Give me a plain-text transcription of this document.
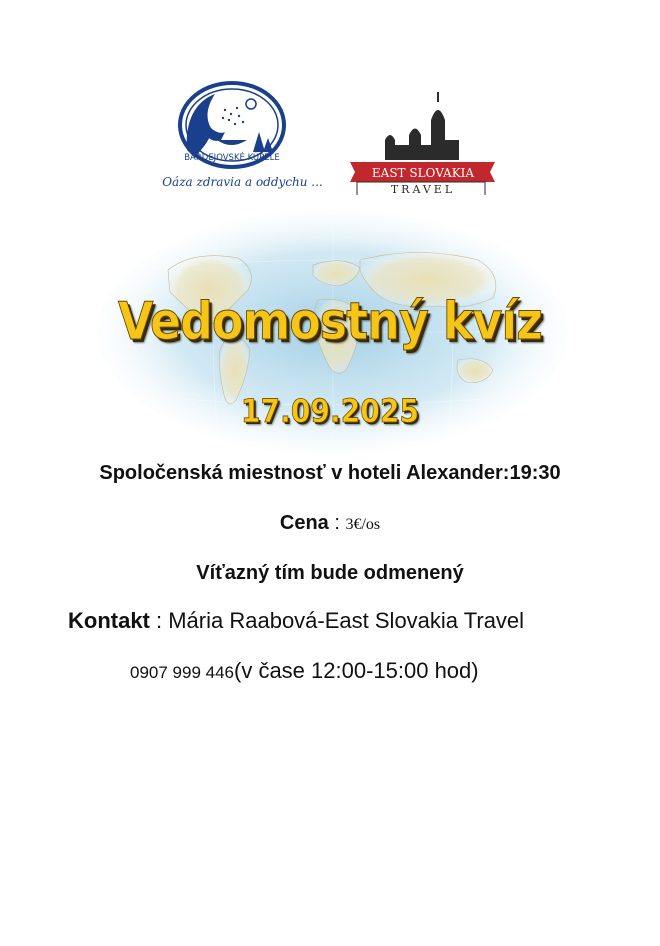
BARDEJOVSKÉ KÚPELE
Oáza zdravia a oddychu ...
EAST SLOVAKIA
TRAVEL
Vedomostný kvíz
17.09.2025
Spoločenská miestnosť v hoteli Alexander:19:30
Cena : 3€/os
Víťazný tím bude odmenený
Kontakt : Mária Raabová-East Slovakia Travel
0907 999 446(v čase 12:00-15:00 hod)
